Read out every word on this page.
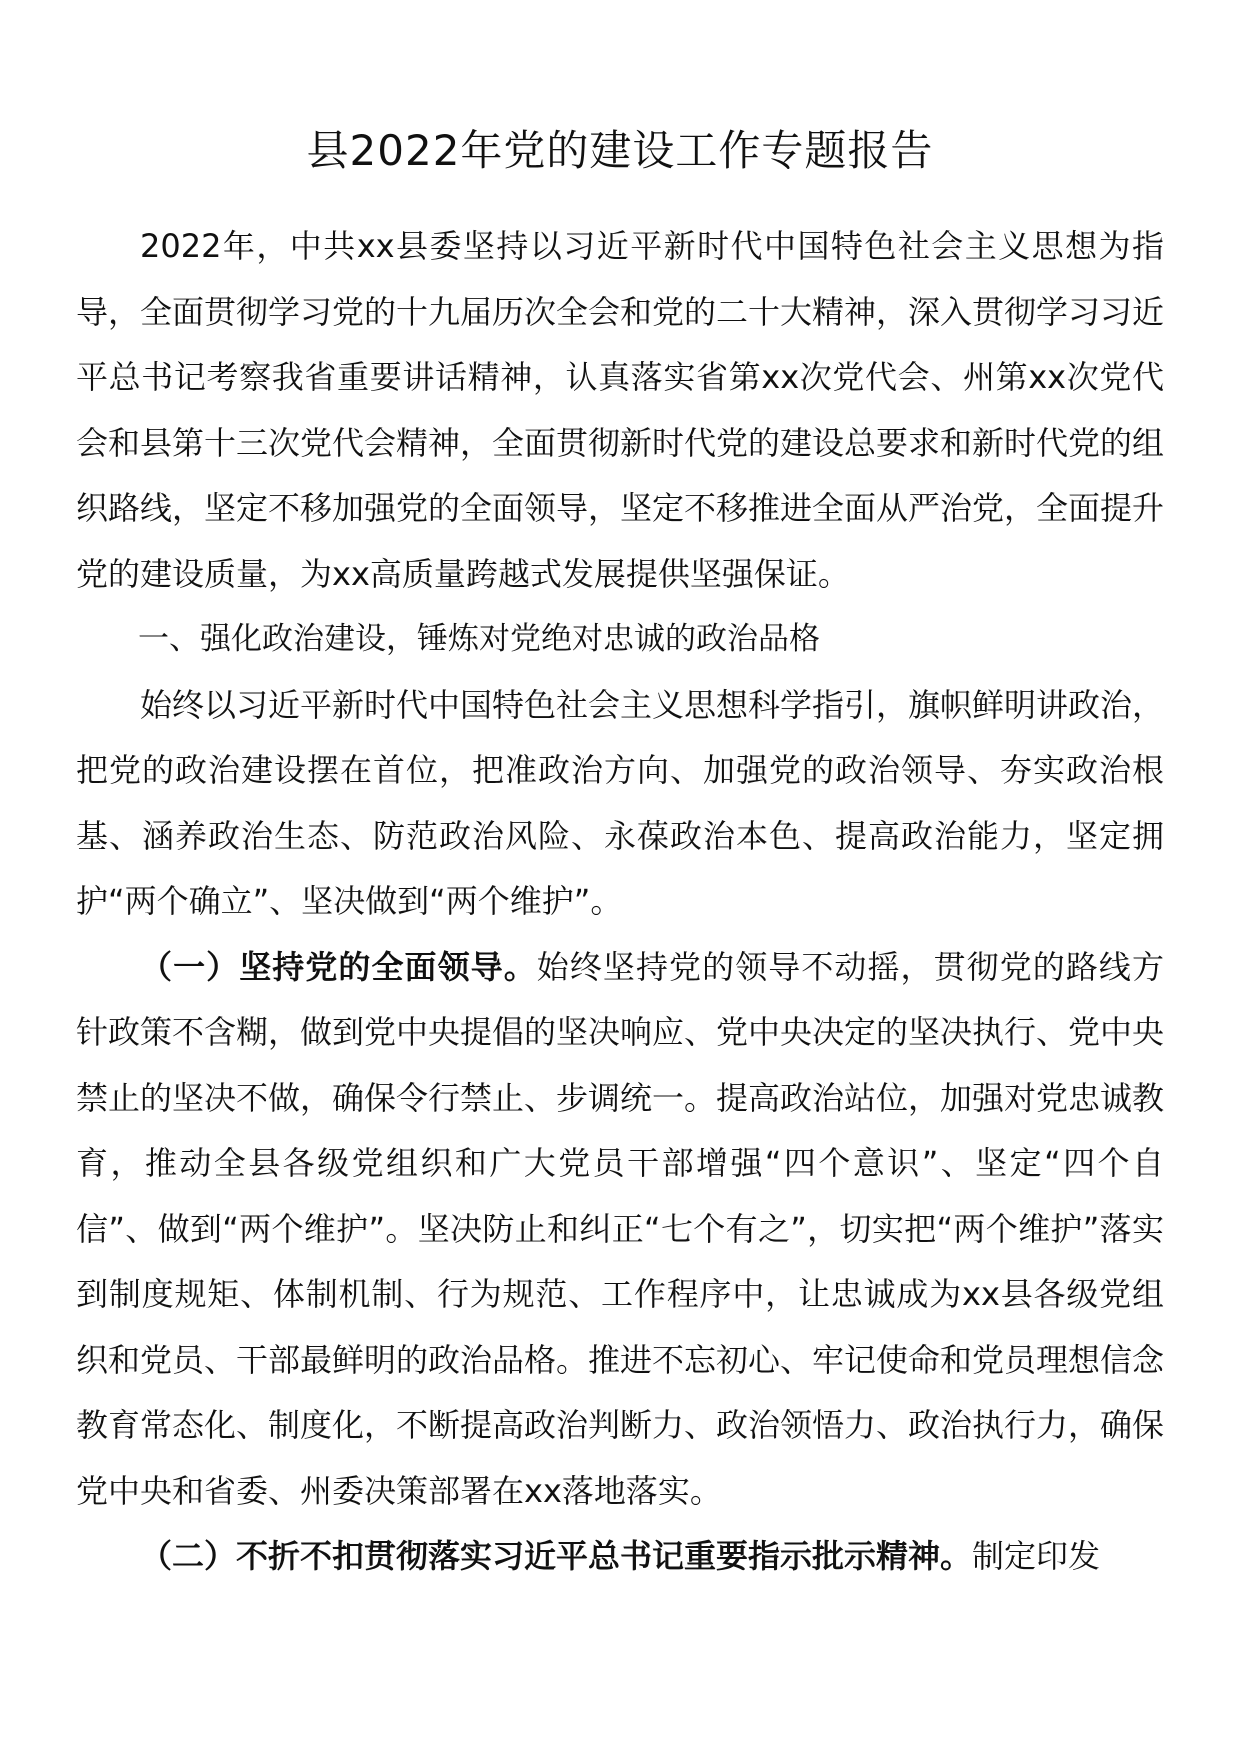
县2022年党的建设工作专题报告

2022年，中共xx县委坚持以习近平新时代中国特色社会主义思想为指导，全面贯彻学习党的十九届历次全会和党的二十大精神，深入贯彻学习习近平总书记考察我省重要讲话精神，认真落实省第xx次党代会、州第xx次党代会和县第十三次党代会精神，全面贯彻新时代党的建设总要求和新时代党的组织路线，坚定不移加强党的全面领导，坚定不移推进全面从严治党，全面提升党的建设质量，为xx高质量跨越式发展提供坚强保证。

一、强化政治建设，锤炼对党绝对忠诚的政治品格

始终以习近平新时代中国特色社会主义思想科学指引，旗帜鲜明讲政治，把党的政治建设摆在首位，把准政治方向、加强党的政治领导、夯实政治根基、涵养政治生态、防范政治风险、永葆政治本色、提高政治能力，坚定拥护“两个确立”、坚决做到“两个维护”。

（一）坚持党的全面领导。始终坚持党的领导不动摇，贯彻党的路线方针政策不含糊，做到党中央提倡的坚决响应、党中央决定的坚决执行、党中央禁止的坚决不做，确保令行禁止、步调统一。提高政治站位，加强对党忠诚教育，推动全县各级党组织和广大党员干部增强“四个意识”、坚定“四个自信”、做到“两个维护”。坚决防止和纠正“七个有之”，切实把“两个维护”落实到制度规矩、体制机制、行为规范、工作程序中，让忠诚成为xx县各级党组织和党员、干部最鲜明的政治品格。推进不忘初心、牢记使命和党员理想信念教育常态化、制度化，不断提高政治判断力、政治领悟力、政治执行力，确保党中央和省委、州委决策部署在xx落地落实。

（二）不折不扣贯彻落实习近平总书记重要指示批示精神。制定印发
